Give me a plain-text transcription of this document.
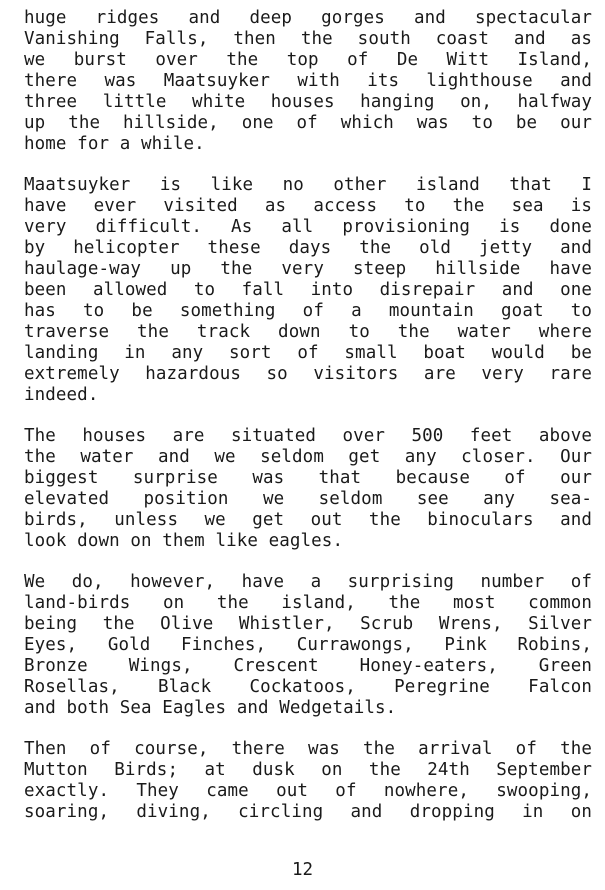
huge ridges and deep gorges and spectacular
Vanishing Falls, then the south coast and as
we burst over the top of De Witt Island,
there was Maatsuyker with its lighthouse and
three little white houses hanging on, halfway
up the hillside, one of which was to be our
home for a while.
Maatsuyker is like no other island that I
have ever visited as access to the sea is
very difficult. As all provisioning is done
by helicopter these days the old jetty and
haulage-way up the very steep hillside have
been allowed to fall into disrepair and one
has to be something of a mountain goat to
traverse the track down to the water where
landing in any sort of small boat would be
extremely hazardous so visitors are very rare
indeed.
The houses are situated over 500 feet above
the water and we seldom get any closer. Our
biggest surprise was that because of our
elevated position we seldom see any sea-
birds, unless we get out the binoculars and
look down on them like eagles.
We do, however, have a surprising number of
land-birds on the island, the most common
being the Olive Whistler, Scrub Wrens, Silver
Eyes, Gold Finches, Currawongs, Pink Robins,
Bronze Wings, Crescent Honey-eaters, Green
Rosellas, Black Cockatoos, Peregrine Falcon
and both Sea Eagles and Wedgetails.
Then of course, there was the arrival of the
Mutton Birds; at dusk on the 24th September
exactly. They came out of nowhere, swooping,
soaring, diving, circling and dropping in on
12
